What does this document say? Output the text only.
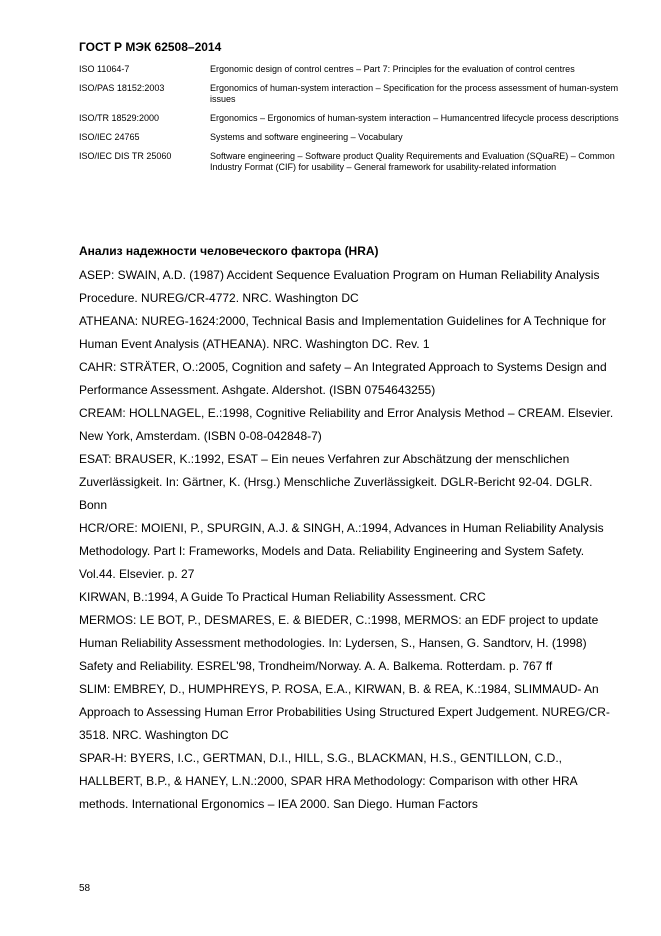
ГОСТ Р МЭК 62508–2014
ISO 11064-7	Ergonomic design of control centres – Part 7: Principles for the evaluation of control centres
ISO/PAS 18152:2003	Ergonomics of human-system interaction – Specification for the process assessment of human-system issues
ISO/TR 18529:2000	Ergonomics – Ergonomics of human-system interaction – Humancentred lifecycle process descriptions
ISO/IEC 24765	Systems and software engineering – Vocabulary
ISO/IEC DIS TR 25060	Software engineering – Software product Quality Requirements and Evaluation (SQuaRE) – Common Industry Format (CIF) for usability – General framework for usability-related information
Анализ надежности человеческого фактора (HRA)
ASEP: SWAIN, A.D. (1987) Accident Sequence Evaluation Program on Human Reliability Analysis Procedure. NUREG/CR-4772. NRC. Washington DC
ATHEANA: NUREG-1624:2000, Technical Basis and Implementation Guidelines for A Technique for Human Event Analysis (ATHEANA). NRC. Washington DC. Rev. 1
CAHR: STRÄTER, O.:2005, Cognition and safety – An Integrated Approach to Systems Design and Performance Assessment. Ashgate. Aldershot. (ISBN 0754643255)
CREAM: HOLLNAGEL, E.:1998, Cognitive Reliability and Error Analysis Method – CREAM. Elsevier. New York, Amsterdam. (ISBN 0-08-042848-7)
ESAT: BRAUSER, K.:1992, ESAT – Ein neues Verfahren zur Abschätzung der menschlichen Zuverlässigkeit. In: Gärtner, K. (Hrsg.) Menschliche Zuverlässigkeit. DGLR-Bericht 92-04. DGLR. Bonn
HCR/ORE: MOIENI, P., SPURGIN, A.J. & SINGH, A.:1994, Advances in Human Reliability Analysis Methodology. Part I: Frameworks, Models and Data. Reliability Engineering and System Safety. Vol.44. Elsevier. p. 27
KIRWAN, B.:1994, A Guide To Practical Human Reliability Assessment. CRC
MERMOS: LE BOT, P., DESMARES, E. & BIEDER, C.:1998, MERMOS: an EDF project to update Human Reliability Assessment methodologies. In: Lydersen, S., Hansen, G. Sandtorv, H. (1998) Safety and Reliability. ESREL'98, Trondheim/Norway. A. A. Balkema. Rotterdam. p. 767 ff
SLIM: EMBREY, D., HUMPHREYS, P. ROSA, E.A., KIRWAN, B. & REA, K.:1984, SLIMMAUD- An Approach to Assessing Human Error Probabilities Using Structured Expert Judgement. NUREG/CR-3518. NRC. Washington DC
SPAR-H: BYERS, I.C., GERTMAN, D.I., HILL, S.G., BLACKMAN, H.S., GENTILLON, C.D., HALLBERT, B.P., & HANEY, L.N.:2000, SPAR HRA Methodology: Comparison with other HRA methods. International Ergonomics – IEA 2000. San Diego. Human Factors
58
